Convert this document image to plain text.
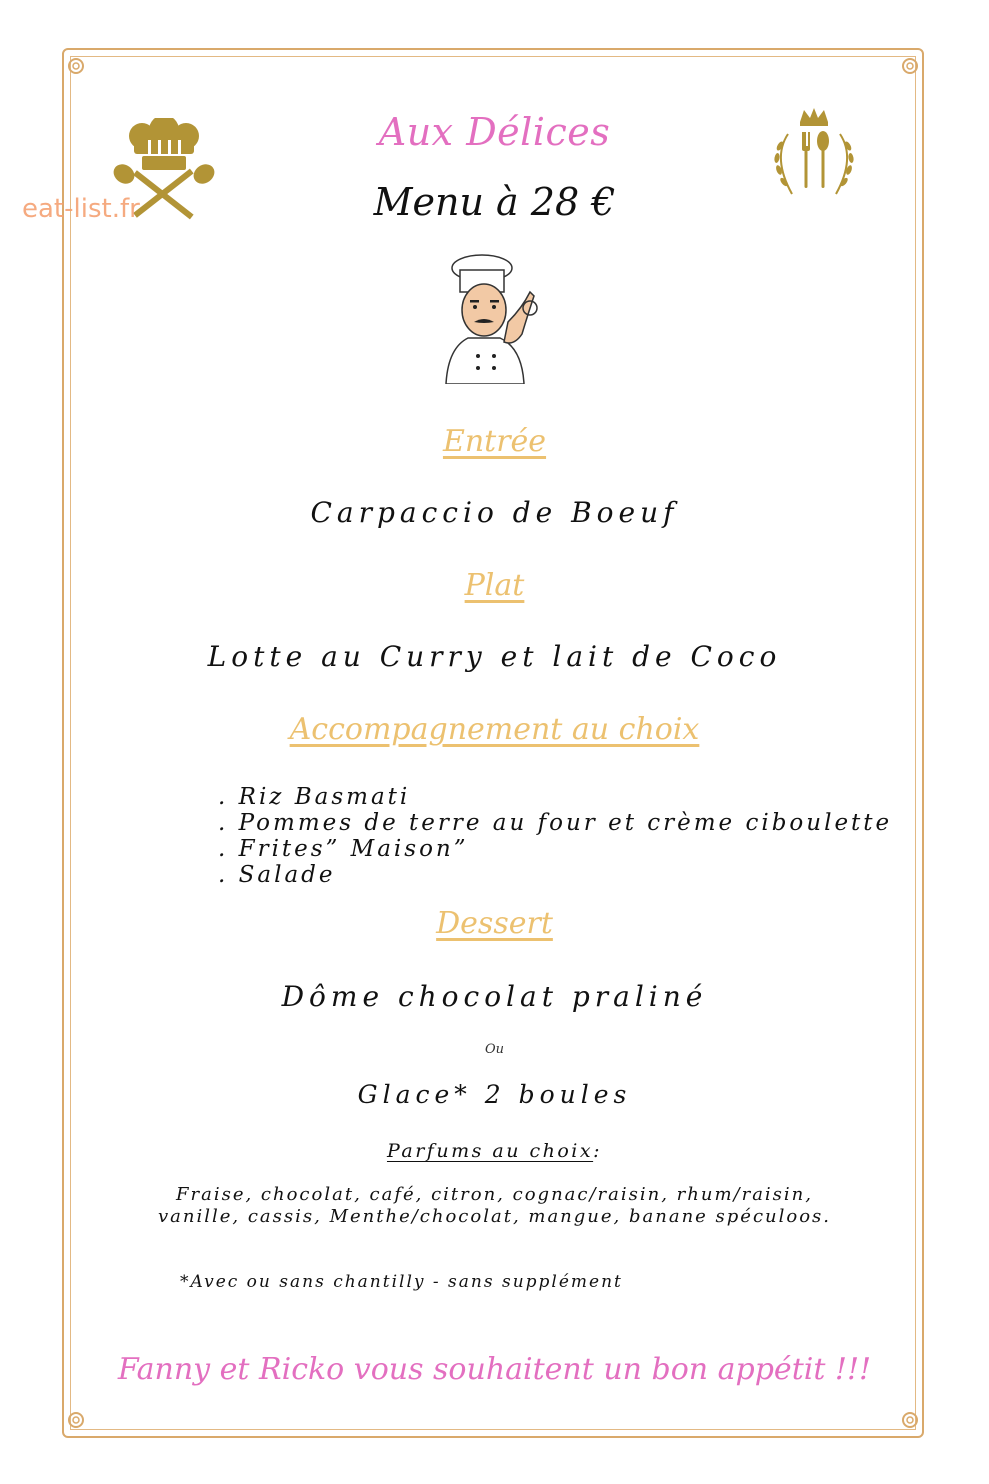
eat-list.fr
Aux Délices
Menu à 28 €
Entrée
Carpaccio de Boeuf
Plat
Lotte au Curry et lait de Coco
Accompagnement au choix
. Riz Basmati
. Pommes de terre au four et crème ciboulette
. Frites” Maison”
. Salade
Dessert
Dôme chocolat praliné
Ou
Glace* 2 boules
Parfums au choix:
Fraise, chocolat, café, citron, cognac/raisin, rhum/raisin,
vanille, cassis, Menthe/chocolat, mangue, banane spéculoos.
*Avec ou sans chantilly - sans supplément
Fanny et Ricko vous souhaitent un bon appétit !!!
